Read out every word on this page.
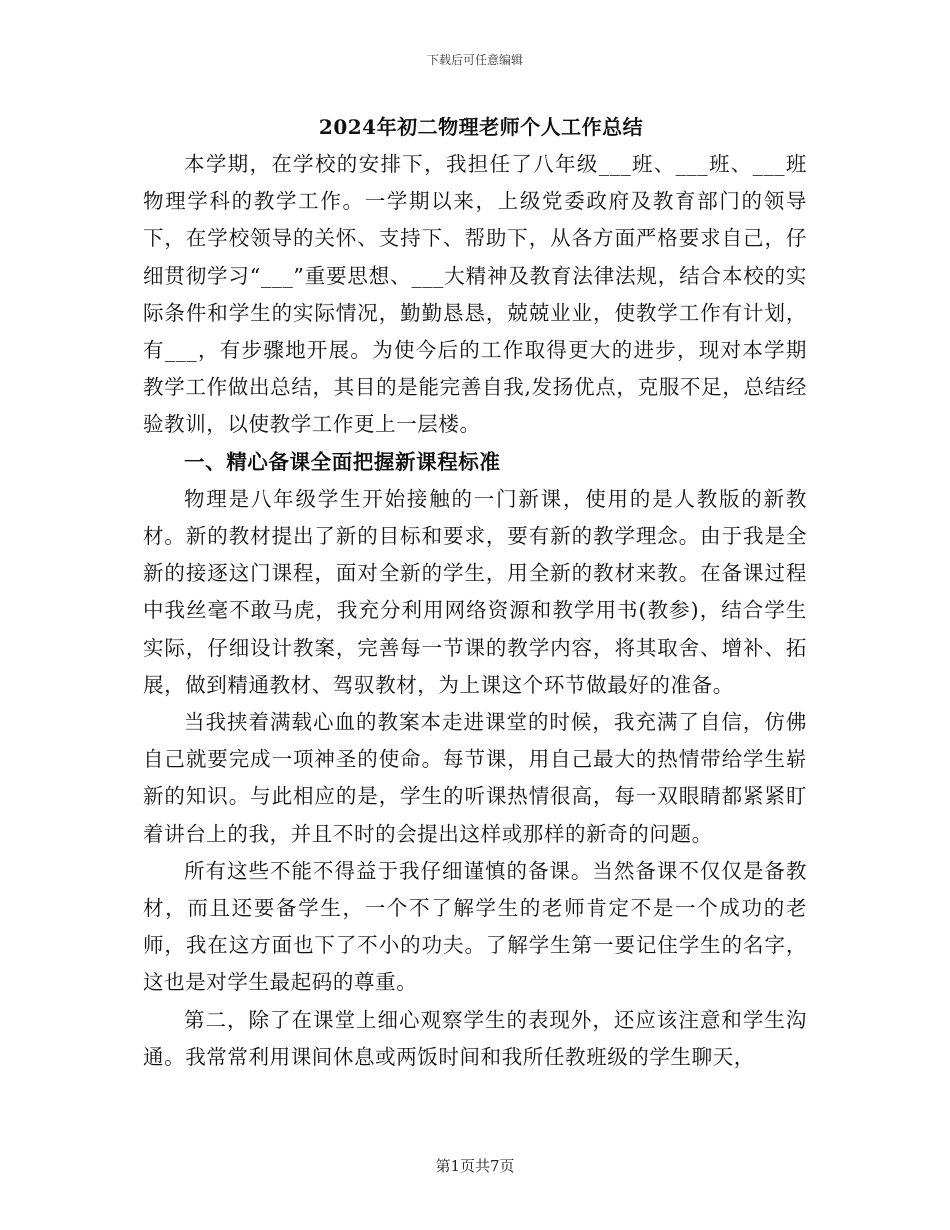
下载后可任意编辑
2024年初二物理老师个人工作总结

本学期，在学校的安排下，我担任了八年级___班、___班、___班物理学科的教学工作。一学期以来，上级党委政府及教育部门的领导下，在学校领导的关怀、支持下、帮助下，从各方面严格要求自己，仔细贯彻学习“___”重要思想、___大精神及教育法律法规，结合本校的实际条件和学生的实际情况，勤勤恳恳，兢兢业业，使教学工作有计划，有___，有步骤地开展。为使今后的工作取得更大的进步，现对本学期教学工作做出总结，其目的是能完善自我,发扬优点，克服不足，总结经验教训，以使教学工作更上一层楼。

一、精心备课全面把握新课程标准

物理是八年级学生开始接触的一门新课，使用的是人教版的新教材。新的教材提出了新的目标和要求，要有新的教学理念。由于我是全新的接逐这门课程，面对全新的学生，用全新的教材来教。在备课过程中我丝毫不敢马虎，我充分利用网络资源和教学用书(教参)，结合学生实际，仔细设计教案，完善每一节课的教学内容，将其取舍、增补、拓展，做到精通教材、驾驭教材，为上课这个环节做最好的准备。

当我挟着满载心血的教案本走进课堂的时候，我充满了自信，仿佛自己就要完成一项神圣的使命。每节课，用自己最大的热情带给学生崭新的知识。与此相应的是，学生的听课热情很高，每一双眼睛都紧紧盯着讲台上的我，并且不时的会提出这样或那样的新奇的问题。

所有这些不能不得益于我仔细谨慎的备课。当然备课不仅仅是备教材，而且还要备学生，一个不了解学生的老师肯定不是一个成功的老师，我在这方面也下了不小的功夫。了解学生第一要记住学生的名字，这也是对学生最起码的尊重。

第二，除了在课堂上细心观察学生的表现外，还应该注意和学生沟通。我常常利用课间休息或两饭时间和我所任教班级的学生聊天，

第1页共7页
